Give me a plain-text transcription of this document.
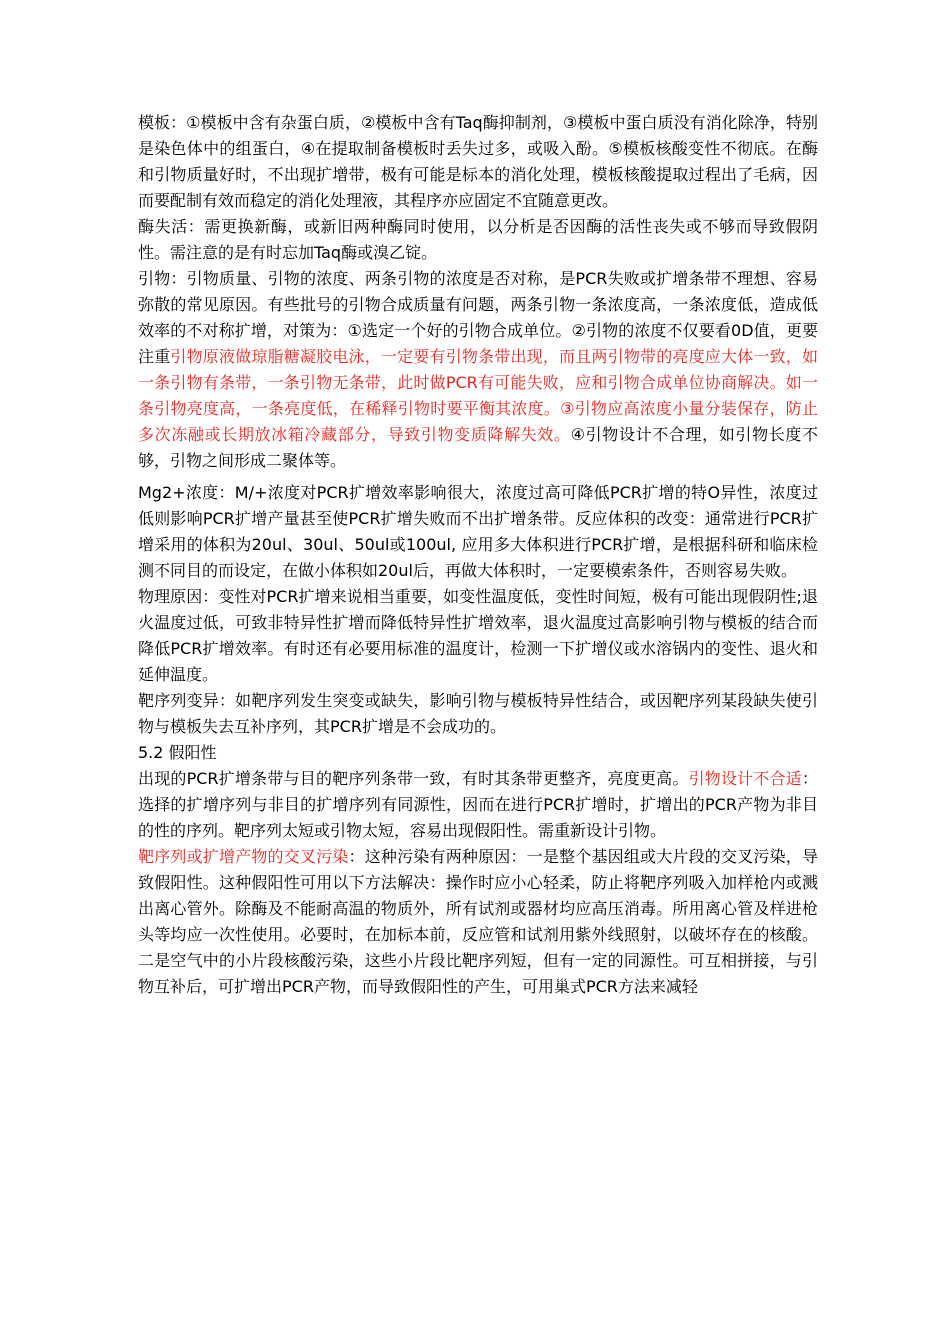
模板：①模板中含有杂蛋白质，②模板中含有Taq酶抑制剂，③模板中蛋白质没有消化除净，特别是染色体中的组蛋白，④在提取制备模板时丢失过多，或吸入酚。⑤模板核酸变性不彻底。在酶和引物质量好时，不出现扩增带，极有可能是标本的消化处理，模板核酸提取过程出了毛病，因而要配制有效而稳定的消化处理液，其程序亦应固定不宜随意更改。

酶失活：需更换新酶，或新旧两种酶同时使用，以分析是否因酶的活性丧失或不够而导致假阴性。需注意的是有时忘加Taq酶或溴乙锭。

引物：引物质量、引物的浓度、两条引物的浓度是否对称，是PCR失败或扩增条带不理想、容易弥散的常见原因。有些批号的引物合成质量有问题，两条引物一条浓度高，一条浓度低，造成低效率的不对称扩增，对策为：①选定一个好的引物合成单位。②引物的浓度不仅要看0D值，更要注重引物原液做琼脂糖凝胶电泳，一定要有引物条带出现，而且两引物带的亮度应大体一致，如一条引物有条带，一条引物无条带，此时做PCR有可能失败，应和引物合成单位协商解决。如一条引物亮度高，一条亮度低，在稀释引物时要平衡其浓度。③引物应高浓度小量分装保存，防止多次冻融或长期放冰箱冷藏部分，导致引物变质降解失效。④引物设计不合理，如引物长度不够，引物之间形成二聚体等。

Mg2+浓度：M/+浓度对PCR扩增效率影响很大，浓度过高可降低PCR扩增的特O异性，浓度过低则影响PCR扩增产量甚至使PCR扩增失败而不出扩增条带。反应体积的改变：通常进行PCR扩增采用的体积为20ul、30ul、50ul或100ul, 应用多大体积进行PCR扩增，是根据科研和临床检测不同目的而设定，在做小体积如20ul后，再做大体积时，一定要模索条件，否则容易失败。

物理原因：变性对PCR扩增来说相当重要，如变性温度低，变性时间短，极有可能出现假阴性;退火温度过低，可致非特异性扩增而降低特异性扩增效率，退火温度过高影响引物与模板的结合而降低PCR扩增效率。有时还有必要用标准的温度计，检测一下扩增仪或水溶锅内的变性、退火和延伸温度。

靶序列变异：如靶序列发生突变或缺失，影响引物与模板特异性结合，或因靶序列某段缺失使引物与模板失去互补序列，其PCR扩增是不会成功的。

5.2 假阳性

出现的PCR扩增条带与目的靶序列条带一致，有时其条带更整齐，亮度更高。引物设计不合适：选择的扩增序列与非目的扩增序列有同源性，因而在进行PCR扩增时，扩增出的PCR产物为非目的性的序列。靶序列太短或引物太短，容易出现假阳性。需重新设计引物。

靶序列或扩增产物的交叉污染：这种污染有两种原因：一是整个基因组或大片段的交叉污染，导致假阳性。这种假阳性可用以下方法解决：操作时应小心轻柔，防止将靶序列吸入加样枪内或溅出离心管外。除酶及不能耐高温的物质外，所有试剂或器材均应高压消毒。所用离心管及样进枪头等均应一次性使用。必要时，在加标本前，反应管和试剂用紫外线照射，以破坏存在的核酸。二是空气中的小片段核酸污染，这些小片段比靶序列短，但有一定的同源性。可互相拼接，与引物互补后，可扩增出PCR产物，而导致假阳性的产生，可用巢式PCR方法来减轻
